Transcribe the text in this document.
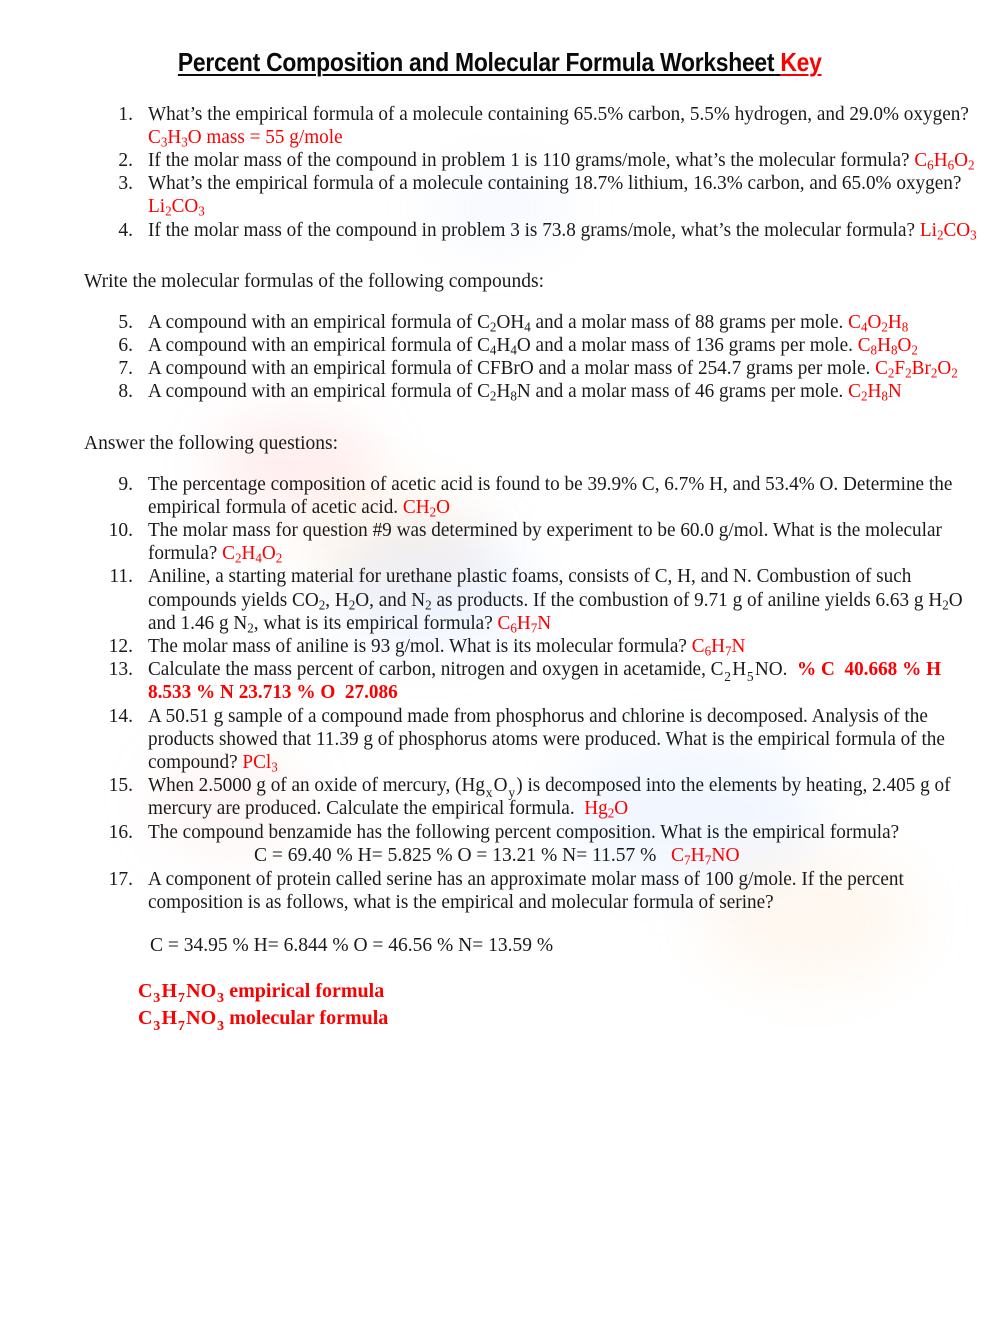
Percent Composition and Molecular Formula Worksheet Key
1. What’s the empirical formula of a molecule containing 65.5% carbon, 5.5% hydrogen, and 29.0% oxygen? $C_3H_3O$ mass = 55 g/mole
2. If the molar mass of the compound in problem 1 is 110 grams/mole, what’s the molecular formula? $C_6H_6O_2$
3. What’s the empirical formula of a molecule containing 18.7% lithium, 16.3% carbon, and 65.0% oxygen? $Li_2CO_3$
4. If the molar mass of the compound in problem 3 is 73.8 grams/mole, what’s the molecular formula? $Li_2CO_3$

Write the molecular formulas of the following compounds:

5. A compound with an empirical formula of $C_2OH_4$ and a molar mass of 88 grams per mole. $C_4O_2H_8$
6. A compound with an empirical formula of $C_4H_4O$ and a molar mass of 136 grams per mole. $C_8H_8O_2$
7. A compound with an empirical formula of CFBrO and a molar mass of 254.7 grams per mole. $C_2F_2Br_2O_2$
8. A compound with an empirical formula of $C_2H_8N$ and a molar mass of 46 grams per mole. $C_2H_8N$

Answer the following questions:

9. The percentage composition of acetic acid is found to be 39.9% C, 6.7% H, and 53.4% O. Determine the empirical formula of acetic acid. $CH_2O$
10. The molar mass for question #9 was determined by experiment to be 60.0 g/mol. What is the molecular formula? $C_2H_4O_2$
11. Aniline, a starting material for urethane plastic foams, consists of C, H, and N. Combustion of such compounds yields $CO_2$, $H_2O$, and $N_2$ as products. If the combustion of 9.71 g of aniline yields 6.63 g $H_2O$ and 1.46 g $N_2$, what is its empirical formula? $C_6H_7N$
12. The molar mass of aniline is 93 g/mol. What is its molecular formula? $C_6H_7N$
13. Calculate the mass percent of carbon, nitrogen and oxygen in acetamide, $C_2H_5NO$.  % C  40.668 % H  8.533 % N 23.713 % O  27.086
14. A 50.51 g sample of a compound made from phosphorus and chlorine is decomposed. Analysis of the products showed that 11.39 g of phosphorus atoms were produced. What is the empirical formula of the compound? PCl$_3$
15. When 2.5000 g of an oxide of mercury, $(Hg_xO_y)$ is decomposed into the elements by heating, 2.405 g of mercury are produced. Calculate the empirical formula.  $Hg_2O$
16. The compound benzamide has the following percent composition. What is the empirical formula?
C = 69.40 % H= 5.825 % O = 13.21 % N= 11.57 % $C_7H_7NO$
17. A component of protein called serine has an approximate molar mass of 100 g/mole. If the percent composition is as follows, what is the empirical and molecular formula of serine?
C = 34.95 % H= 6.844 % O = 46.56 % N= 13.59 %
$C_3H_7NO_3$ empirical formula
$C_3H_7NO_3$ molecular formula
